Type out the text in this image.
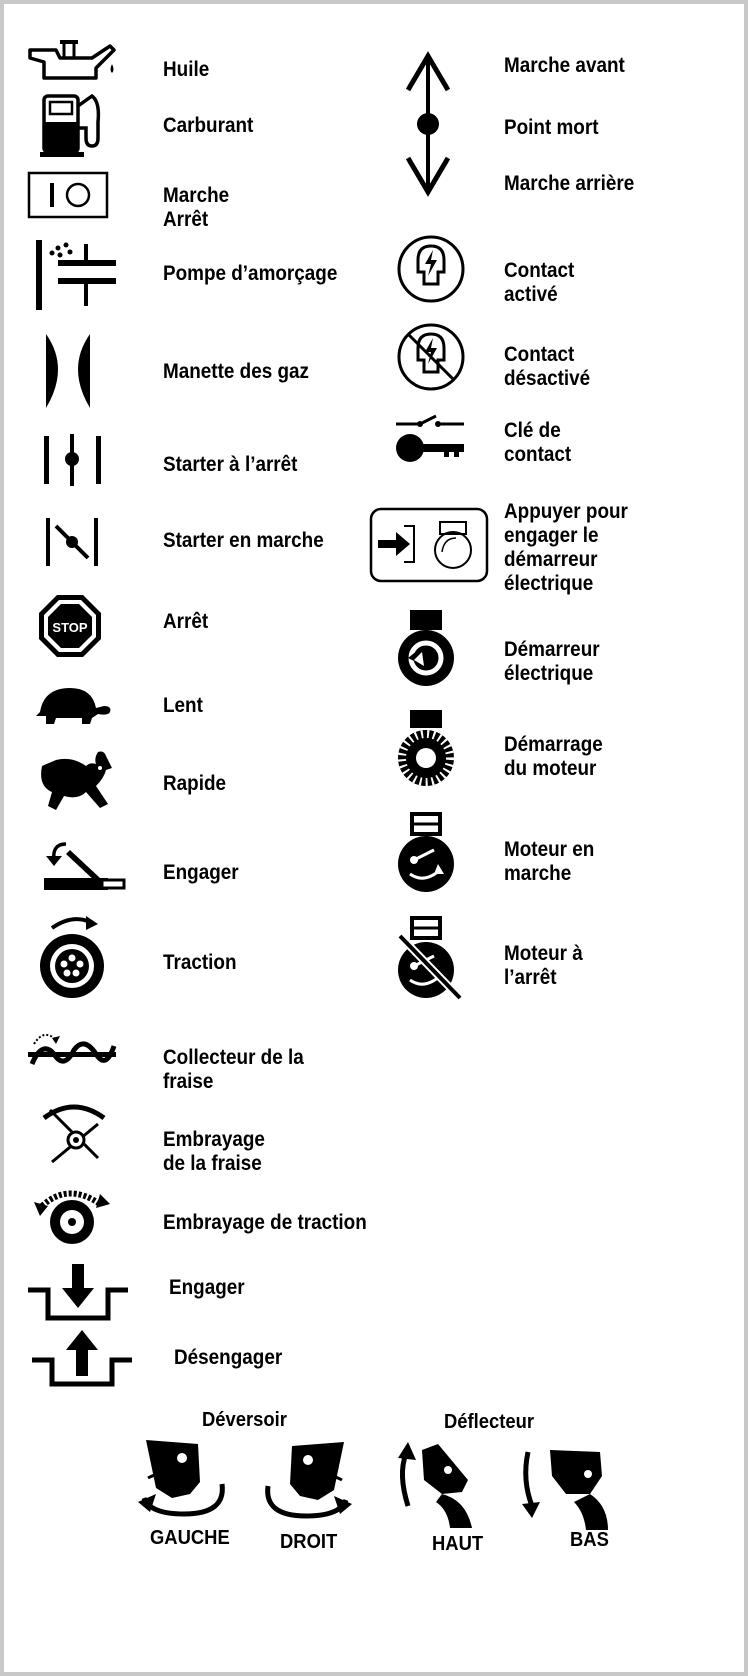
Huile
Carburant
Marche
Arrêt
Pompe d’amorçage
Manette des gaz
Starter à l’arrêt
Starter en marche
STOP	Arrêt
Lent
Rapide
Engager
Traction
Collecteur de la
fraise
Embrayage
de la fraise
Embrayage de traction
Engager
Désengager
Marche avant
Point mort
Marche arrière
Contact
activé
Contact
désactivé
Clé de
contact
Appuyer pour
engager le
démarreur
électrique
Démarreur
électrique
Démarrage
du moteur
Moteur en
marche
Moteur à
l’arrêt
Déversoir	Déflecteur
GAUCHE	DROIT	HAUT	BAS
